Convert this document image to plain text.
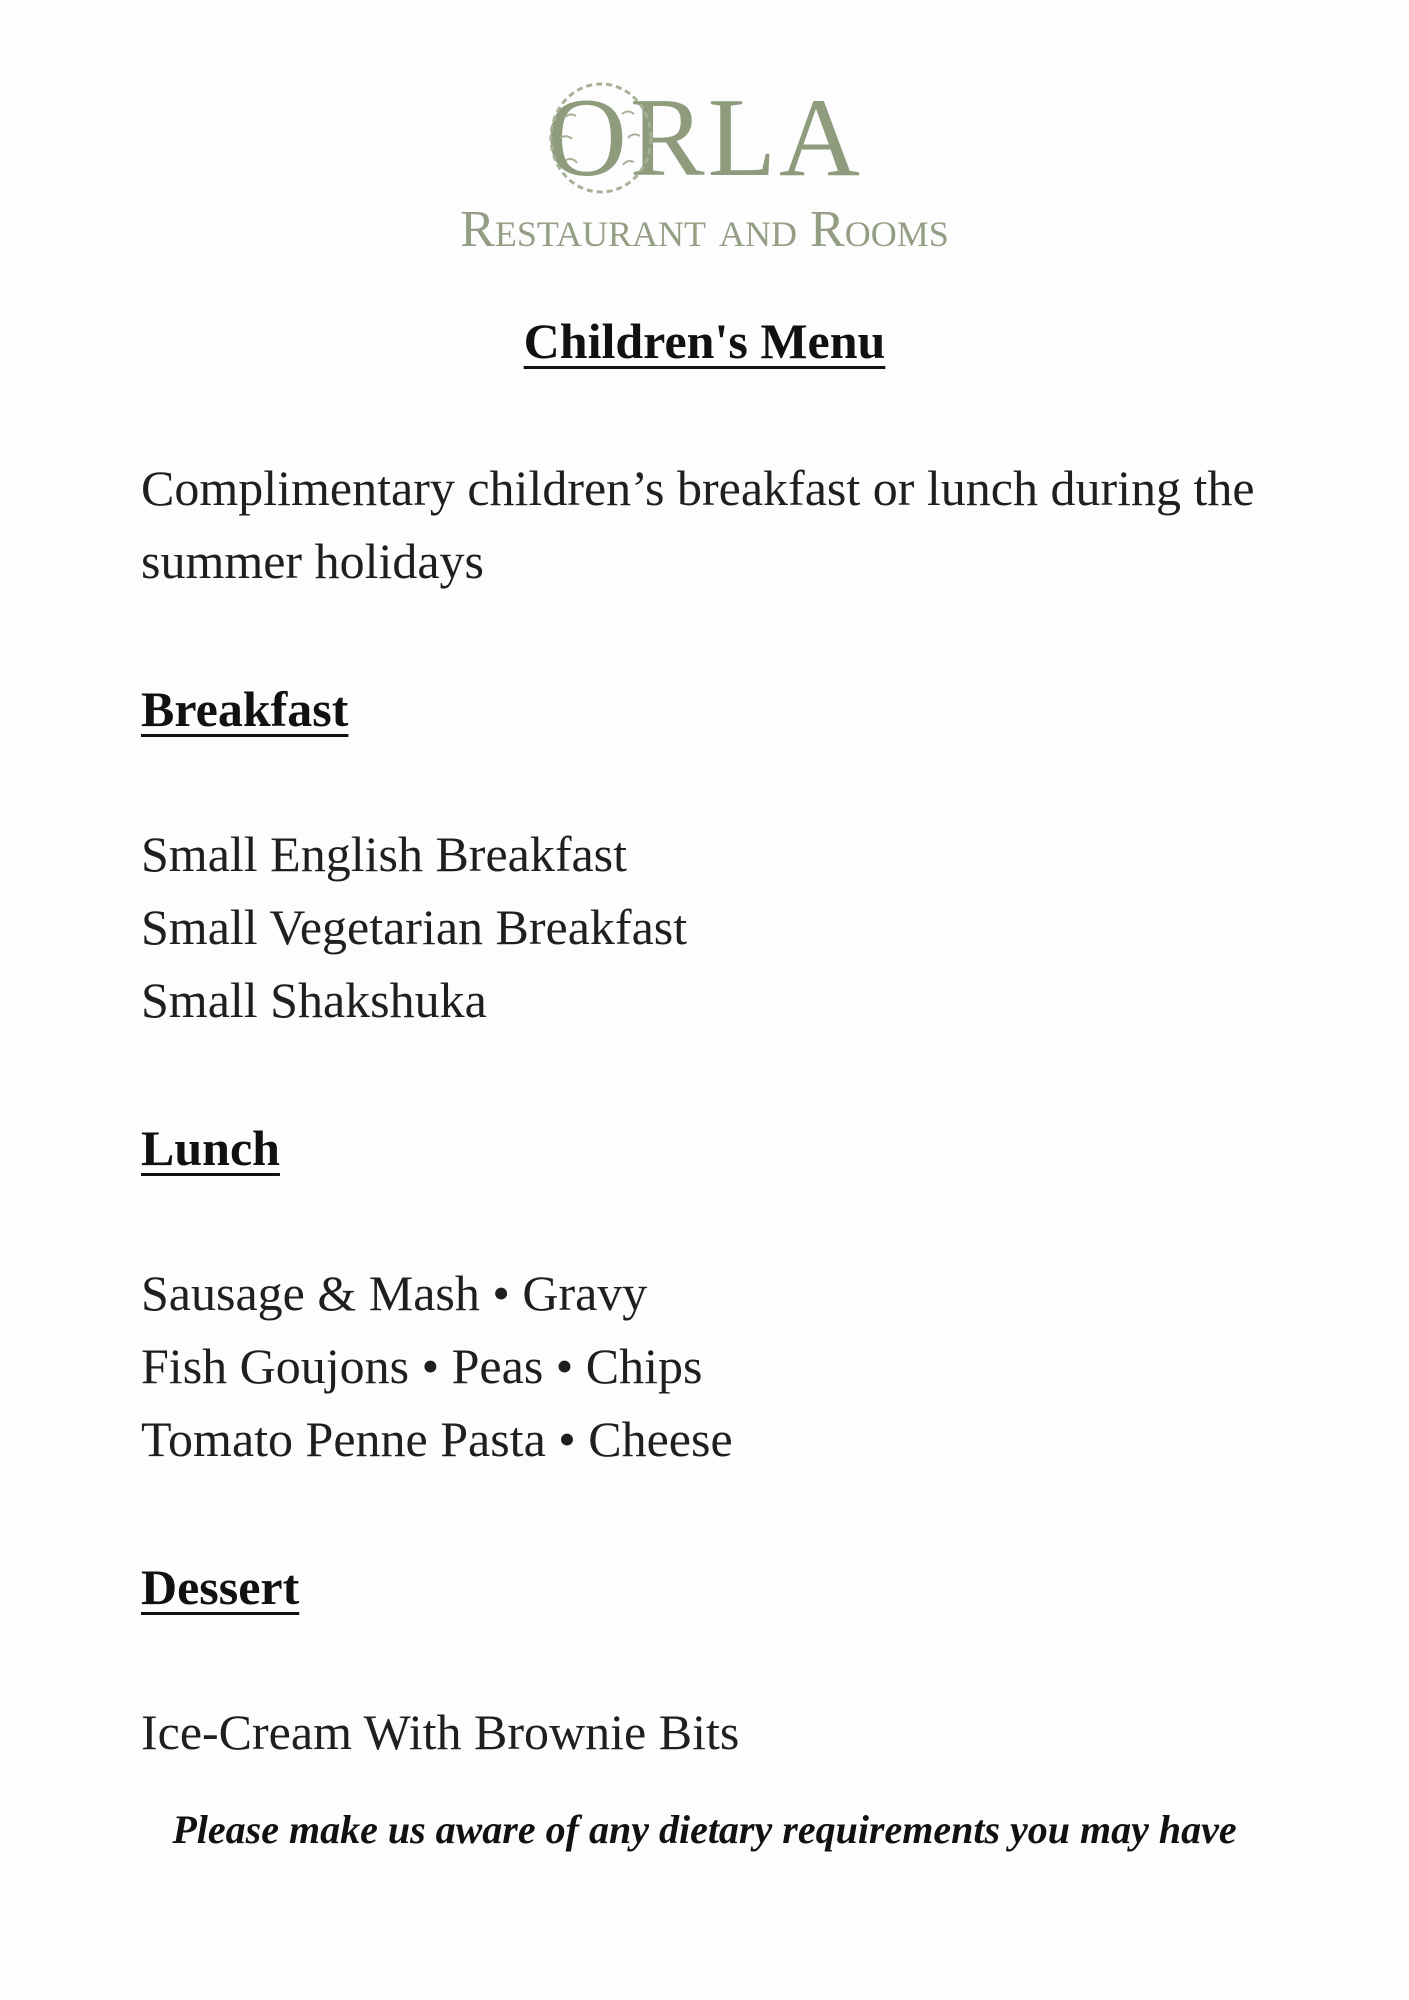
ORLA
Restaurant and Rooms
Children's Menu
Complimentary children’s breakfast or lunch during the summer holidays
Breakfast
Small English Breakfast
Small Vegetarian Breakfast
Small Shakshuka
Lunch
Sausage & Mash • Gravy
Fish Goujons • Peas • Chips
Tomato Penne Pasta • Cheese
Dessert
Ice-Cream With Brownie Bits
Please make us aware of any dietary requirements you may have
